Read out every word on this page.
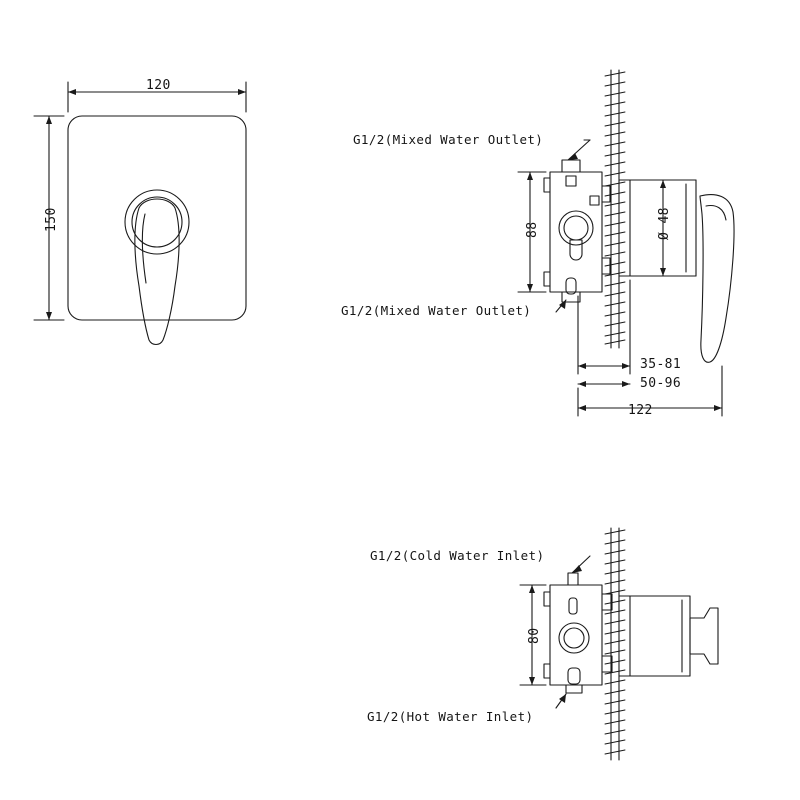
120
150
G1/2(Mixed Water Outlet)
G1/2(Mixed Water Outlet)
88	Ø 48
35-81
50-96
122
G1/2(Cold Water Inlet)
G1/2(Hot Water Inlet)
80
